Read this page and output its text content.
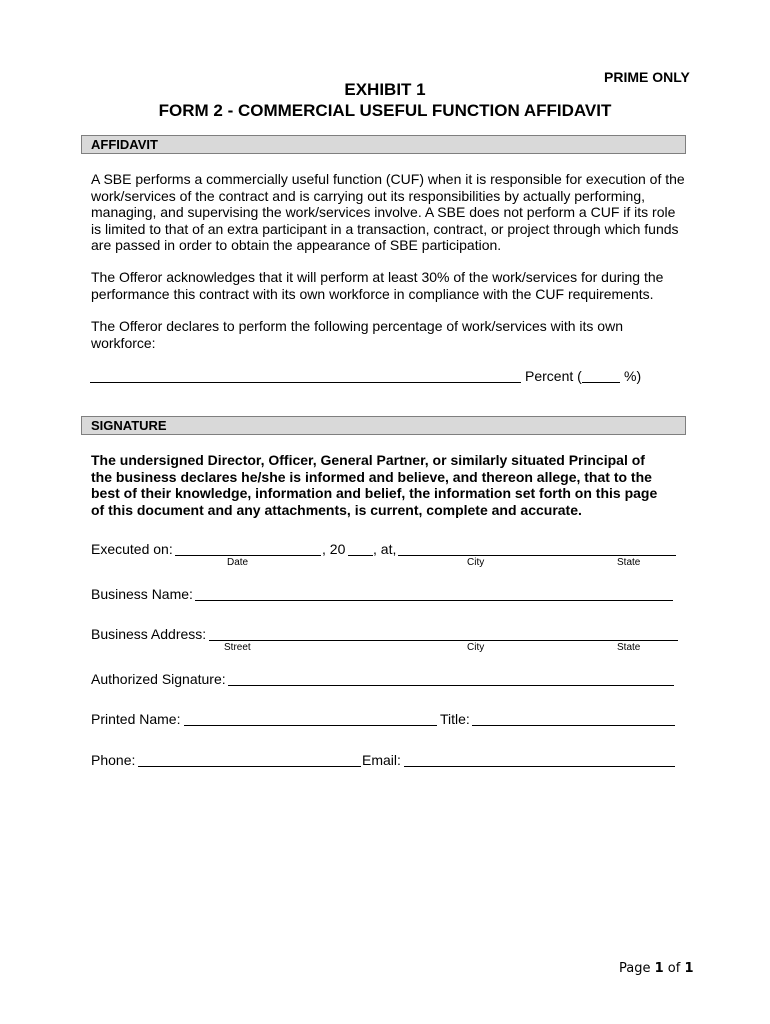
PRIME ONLY
EXHIBIT 1
FORM 2 - COMMERCIAL USEFUL FUNCTION AFFIDAVIT
AFFIDAVIT
A SBE performs a commercially useful function (CUF) when it is responsible for execution of the
work/services of the contract and is carrying out its responsibilities by actually performing,
managing, and supervising the work/services involve. A SBE does not perform a CUF if its role
is limited to that of an extra participant in a transaction, contract, or project through which funds
are passed in order to obtain the appearance of SBE participation.
The Offeror acknowledges that it will perform at least 30% of the work/services for during the
performance this contract with its own workforce in compliance with the CUF requirements.
The Offeror declares to perform the following percentage of work/services with its own
workforce:
Percent (	%)
SIGNATURE
The undersigned Director, Officer, General Partner, or similarly situated Principal of
the business declares he/she is informed and believe, and thereon allege, that to the
best of their knowledge, information and belief, the information set forth on this page
of this document and any attachments, is current, complete and accurate.
Executed on:	, 20 , at,
Date	City	State
Business Name:
Business Address:
Street	City	State
Authorized Signature:
Printed Name:	Title:
Phone:	Email:
Page 1 of 1
